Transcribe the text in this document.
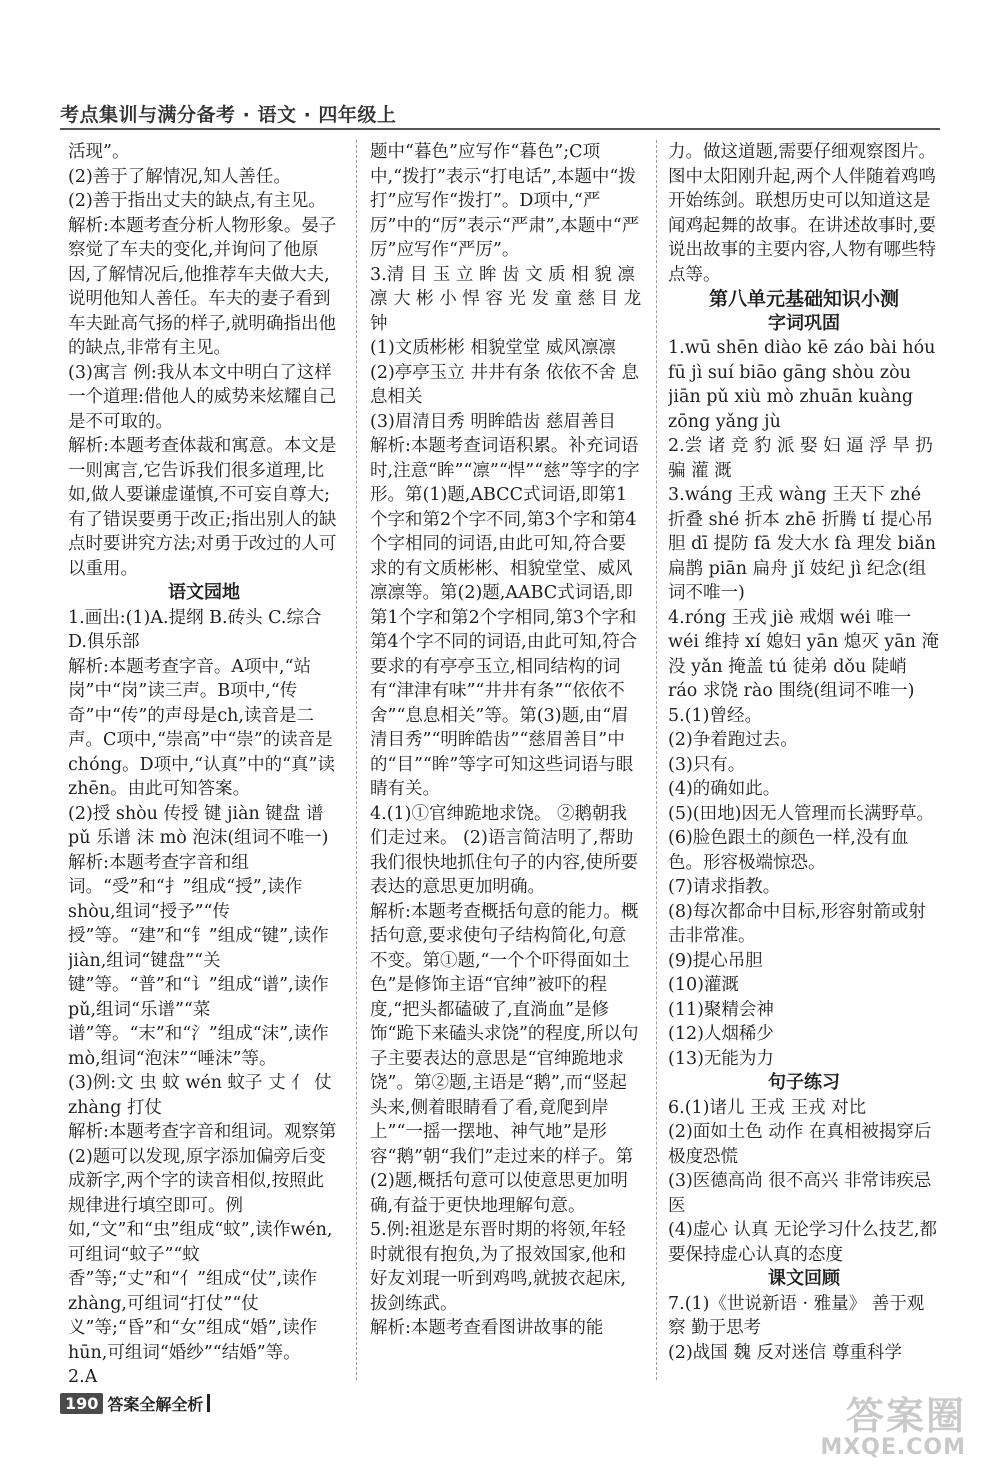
考点集训与满分备考 · 语文 · 四年级上
活现”。
(2)善于了解情况,知人善任。
(2)善于指出丈夫的缺点,有主见。
解析:本题考查分析人物形象。晏子察觉了车夫的变化,并询问了他原因,了解情况后,他推荐车夫做大夫,说明他知人善任。车夫的妻子看到车夫趾高气扬的样子,就明确指出他的缺点,非常有主见。
(3)寓言 例:我从本文中明白了这样一个道理:借他人的威势来炫耀自己是不可取的。
解析:本题考查体裁和寓意。本文是一则寓言,它告诉我们很多道理,比如,做人要谦虚谨慎,不可妄自尊大;有了错误要勇于改正;指出别人的缺点时要讲究方法;对勇于改过的人可以重用。
语文园地
1.画出:(1)A.提纲 B.砖头 C.综合 D.俱乐部
解析:本题考查字音。A项中,“站岗”中“岗”读三声。B项中,“传奇”中“传”的声母是ch,读音是二声。C项中,“崇高”中“崇”的读音是chóng。D项中,“认真”中的“真”读zhēn。由此可知答案。
(2)授 shòu 传授 键 jiàn 键盘 谱 pǔ 乐谱 沫 mò 泡沫(组词不唯一)
解析:本题考查字音和组词。“受”和“扌”组成“授”,读作shòu,组词“授予”“传授”等。“建”和“钅”组成“键”,读作jiàn,组词“键盘”“关键”等。“普”和“讠”组成“谱”,读作pǔ,组词“乐谱”“菜谱”等。“末”和“氵”组成“沫”,读作mò,组词“泡沫”“唾沫”等。
(3)例:文 虫 蚊 wén 蚊子 丈 亻 仗 zhàng 打仗
解析:本题考查字音和组词。观察第(2)题可以发现,原字添加偏旁后变成新字,两个字的读音相似,按照此规律进行填空即可。例如,“文”和“虫”组成“蚊”,读作wén,可组词“蚊子”“蚊香”等;“丈”和“亻”组成“仗”,读作zhàng,可组词“打仗”“仗义”等;“昏”和“女”组成“婚”,读作hūn,可组词“婚纱”“结婚”等。
2.A
题中“暮色”应写作“暮色”;C项中,“拨打”表示“打电话”,本题中“拨打”应写作“拨打”。D项中,“严厉”中的“厉”表示“严肃”,本题中“严厉”应写作“严厉”。
3.清 目 玉 立 眸 齿 文 质 相 貌 凛 凛 大 彬 小 悍 容 光 发 童 慈 目 龙 钟
(1)文质彬彬 相貌堂堂 威风凛凛
(2)亭亭玉立 井井有条 依依不舍 息息相关
(3)眉清目秀 明眸皓齿 慈眉善目
解析:本题考查词语积累。补充词语时,注意“眸”“凛”“悍”“慈”等字的字形。第(1)题,ABCC式词语,即第1个字和第2个字不同,第3个字和第4个字相同的词语,由此可知,符合要求的有文质彬彬、相貌堂堂、威风凛凛等。第(2)题,AABC式词语,即第1个字和第2个字相同,第3个字和第4个字不同的词语,由此可知,符合要求的有亭亭玉立,相同结构的词有“津津有味”“井井有条”“依依不舍”“息息相关”等。第(3)题,由“眉清目秀”“明眸皓齿”“慈眉善目”中的“目”“眸”等字可知这些词语与眼睛有关。
4.(1)①官绅跪地求饶。 ②鹅朝我们走过来。 (2)语言简洁明了,帮助我们很快地抓住句子的内容,使所要表达的意思更加明确。
解析:本题考查概括句意的能力。概括句意,要求使句子结构简化,句意不变。第①题,“一个个吓得面如土色”是修饰主语“官绅”被吓的程度,“把头都磕破了,直淌血”是修饰“跪下来磕头求饶”的程度,所以句子主要表达的意思是“官绅跪地求饶”。第②题,主语是“鹅”,而“竖起头来,侧着眼睛看了看,竟爬到岸上”“一摇一摆地、神气地”是形容“鹅”朝“我们”走过来的样子。第(2)题,概括句意可以使意思更加明确,有益于更快地理解句意。
5.例:祖逖是东晋时期的将领,年轻时就很有抱负,为了报效国家,他和好友刘琨一听到鸡鸣,就披衣起床,拔剑练武。
解析:本题考查看图讲故事的能
力。做这道题,需要仔细观察图片。图中太阳刚升起,两个人伴随着鸡鸣开始练剑。联想历史可以知道这是闻鸡起舞的故事。在讲述故事时,要说出故事的主要内容,人物有哪些特点等。
第八单元基础知识小测
字词巩固
1.wū shēn diào kē záo bài hóu fū jì suí biāo gāng shòu zòu jiān pǔ xiù mò zhuān kuàng zōng yǎng jù
2.尝 诸 竞 豹 派 娶 妇 逼 浮 旱 扔 骗 灌 溉
3.wáng 王戎 wàng 王天下 zhé 折叠 shé 折本 zhē 折腾 tí 提心吊胆 dī 提防 fā 发大水 fà 理发 biǎn 扁鹊 piān 扁舟 jǐ 妓纪 jì 纪念(组词不唯一)
4.róng 王戎 jiè 戒烟 wéi 唯一 wéi 维持 xí 媳妇 yān 熄灭 yān 淹没 yǎn 掩盖 tú 徒弟 dǒu 陡峭 ráo 求饶 rào 围绕(组词不唯一)
5.(1)曾经。
(2)争着跑过去。
(3)只有。
(4)的确如此。
(5)(田地)因无人管理而长满野草。
(6)脸色跟土的颜色一样,没有血色。形容极端惊恐。
(7)请求指教。
(8)每次都命中目标,形容射箭或射击非常准。
(9)提心吊胆
(10)灌溉
(11)聚精会神
(12)人烟稀少
(13)无能为力
句子练习
6.(1)诸儿 王戎 王戎 对比
(2)面如土色 动作 在真相被揭穿后极度恐慌
(3)医德高尚 很不高兴 非常讳疾忌医
(4)虚心 认真 无论学习什么技艺,都要保持虚心认真的态度
课文回顾
7.(1)《世说新语 · 雅量》 善于观察 勤于思考
(2)战国 魏 反对迷信 尊重科学
190 答案全解全析	答案圈
MXQE.COM
